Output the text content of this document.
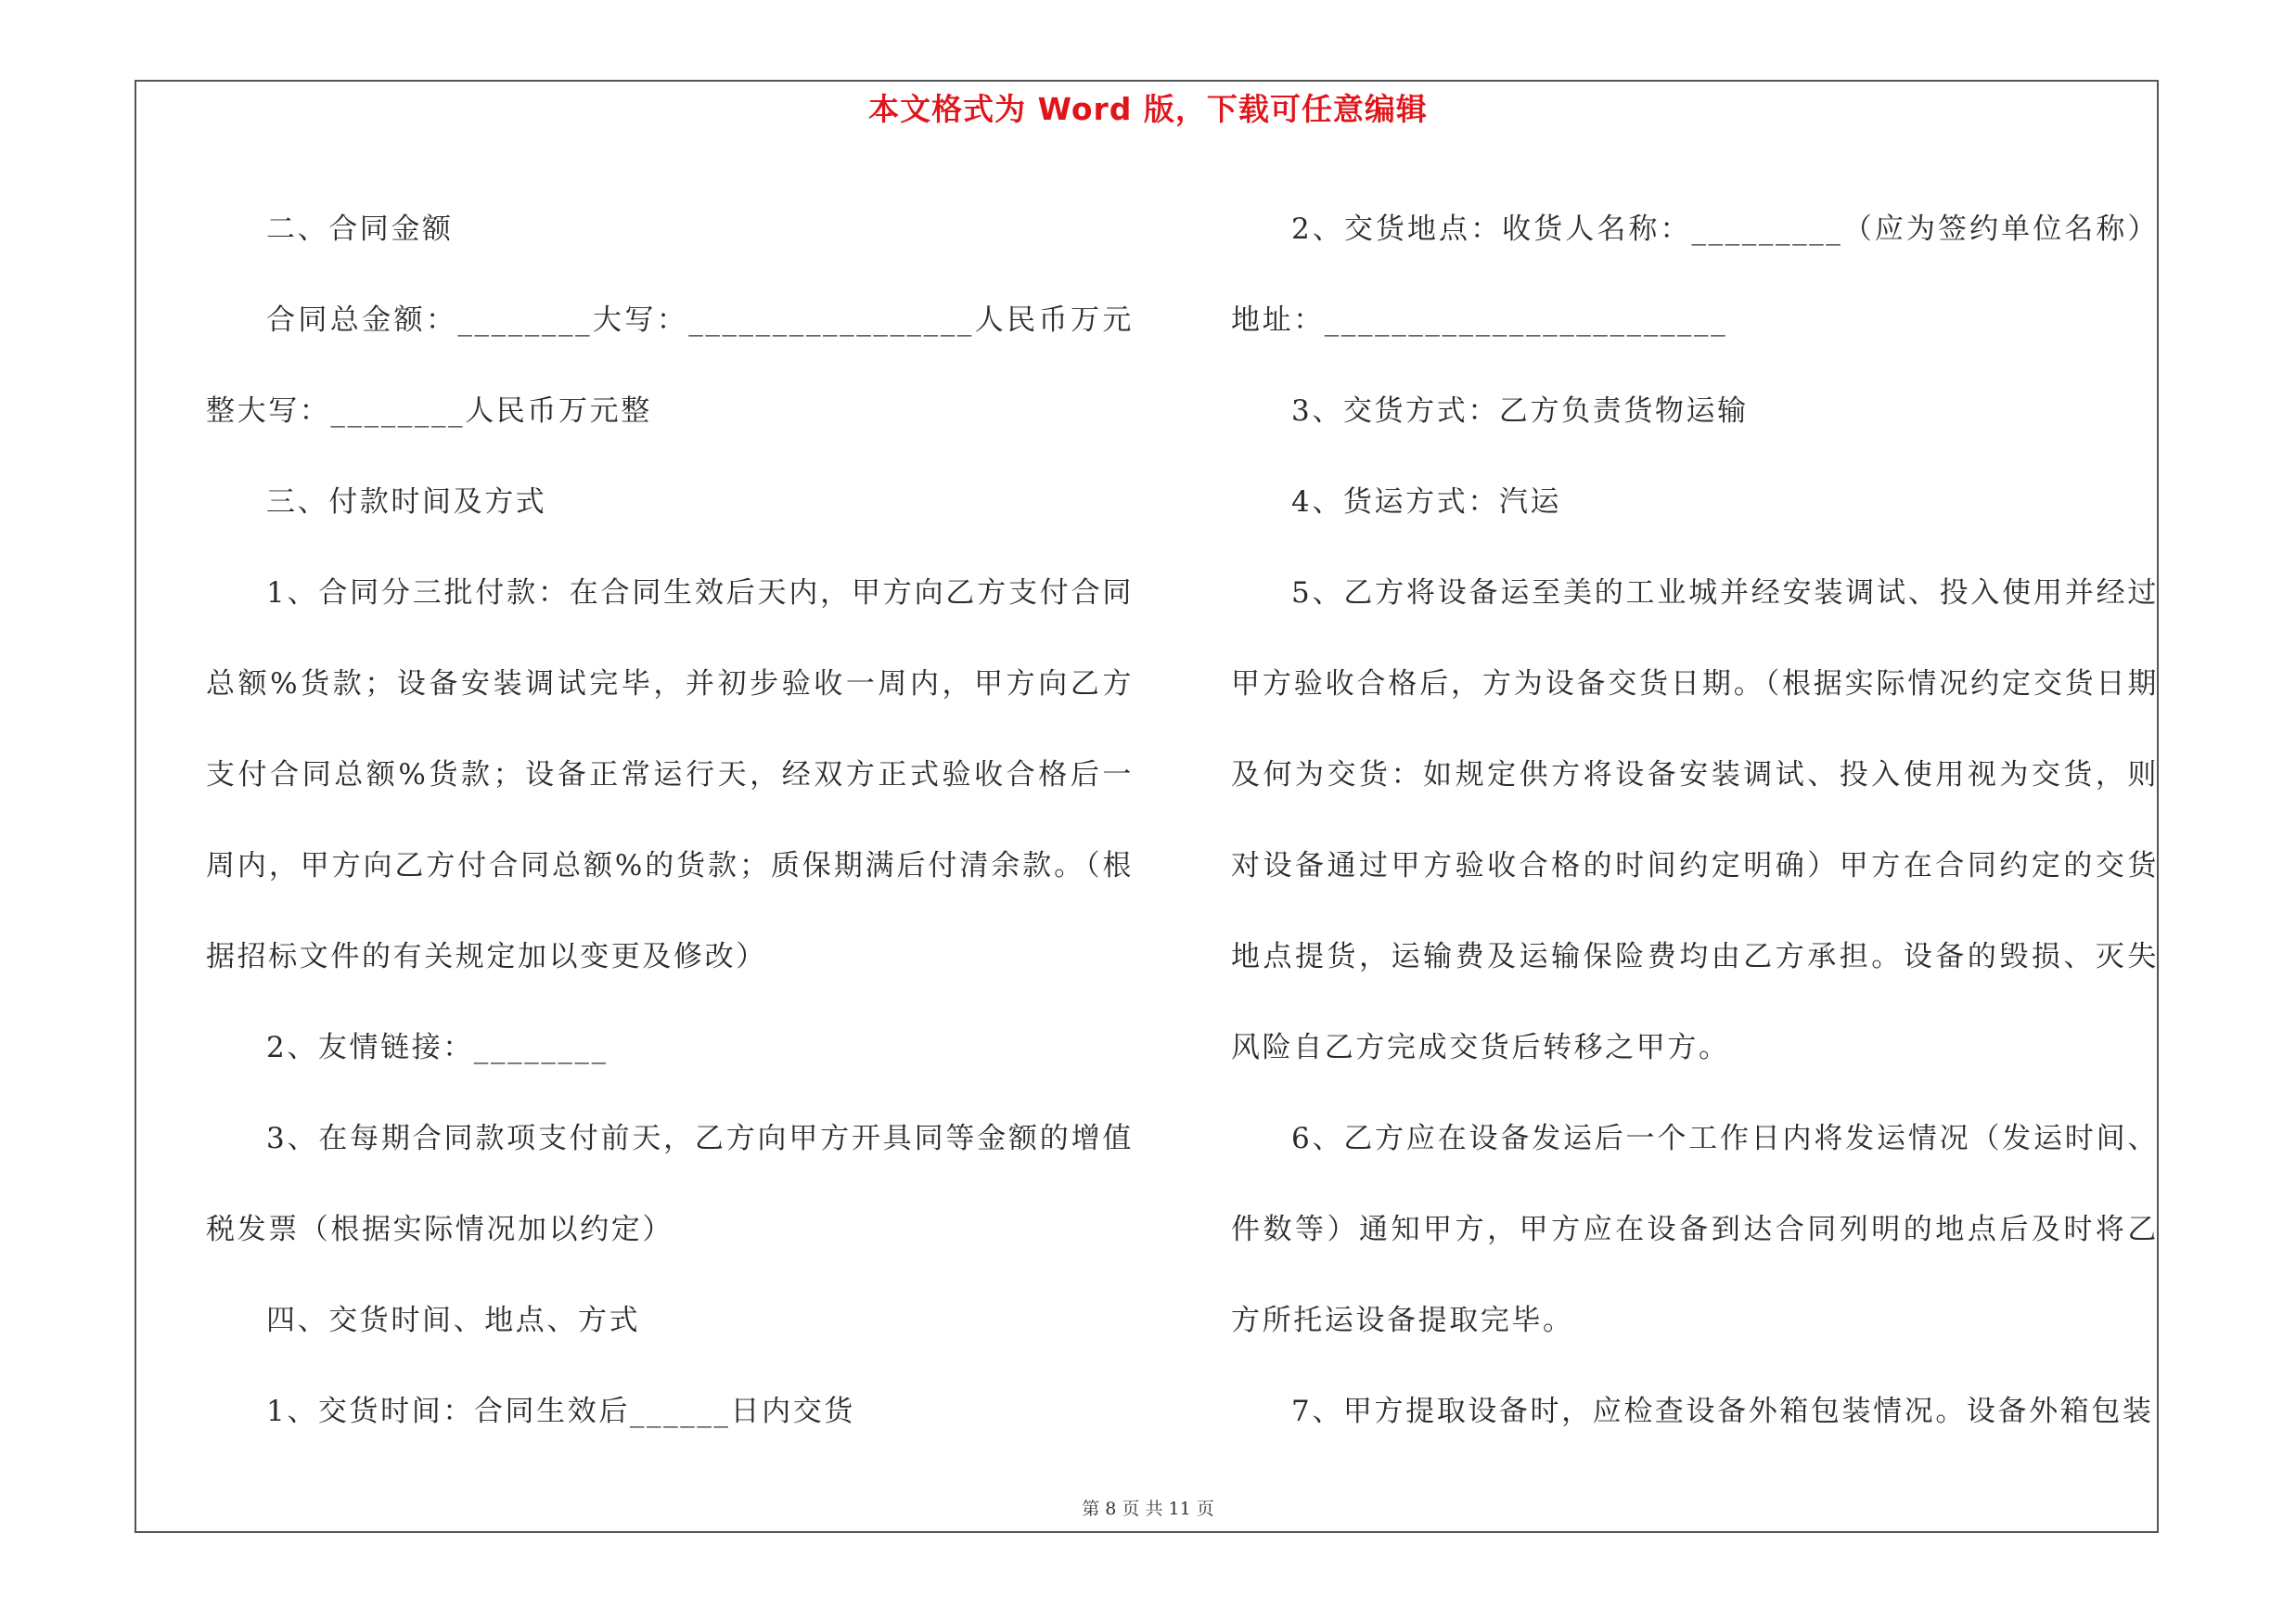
本文格式为 Word 版，下载可任意编辑

二、合同金额

合同总金额：________大写：_________________人民币万元整大写：________人民币万元整

三、付款时间及方式

1、合同分三批付款：在合同生效后天内，甲方向乙方支付合同总额%货款；设备安装调试完毕，并初步验收一周内，甲方向乙方支付合同总额%货款；设备正常运行天，经双方正式验收合格后一周内，甲方向乙方付合同总额%的货款；质保期满后付清余款。（根据招标文件的有关规定加以变更及修改）

2、友情链接：________

3、在每期合同款项支付前天，乙方向甲方开具同等金额的增值税发票（根据实际情况加以约定）

四、交货时间、地点、方式

1、交货时间：合同生效后______日内交货

2、交货地点：收货人名称：_________（应为签约单位名称）地址：________________________

3、交货方式：乙方负责货物运输

4、货运方式：汽运

5、乙方将设备运至美的工业城并经安装调试、投入使用并经过甲方验收合格后，方为设备交货日期。（根据实际情况约定交货日期及何为交货：如规定供方将设备安装调试、投入使用视为交货，则对设备通过甲方验收合格的时间约定明确）甲方在合同约定的交货地点提货，运输费及运输保险费均由乙方承担。设备的毁损、灭失风险自乙方完成交货后转移之甲方。

6、乙方应在设备发运后一个工作日内将发运情况（发运时间、件数等）通知甲方，甲方应在设备到达合同列明的地点后及时将乙方所托运设备提取完毕。

7、甲方提取设备时，应检查设备外箱包装情况。设备外箱包装

第 8 页 共 11 页
